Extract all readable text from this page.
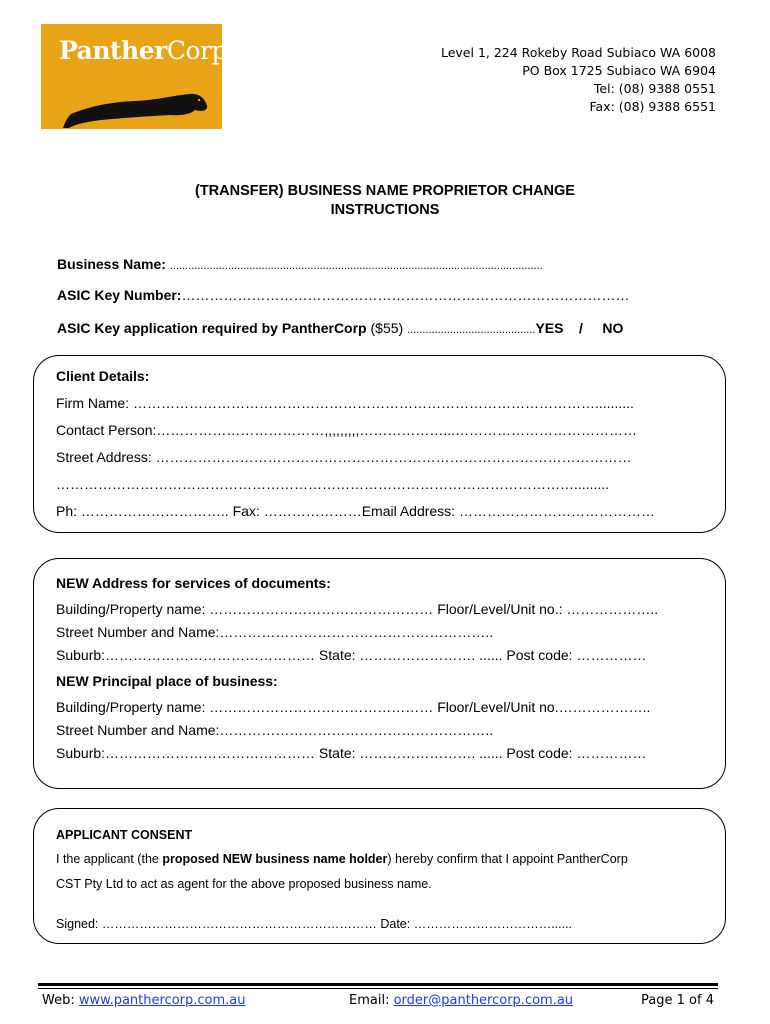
PantherCorp	Level 1, 224 Rokeby Road Subiaco WA 6008
PO Box 1725 Subiaco WA 6904
Tel: (08) 9388 0551
Fax: (08) 9388 6551
(TRANSFER) BUSINESS NAME PROPRIETOR CHANGE
INSTRUCTIONS
Business Name: ..........................................................................................................................
ASIC Key Number:……………………………………………………………………………………
ASIC Key application required by PantherCorp ($55) ..........................................YES    /     NO
Client Details:
Firm Name: ………………………………………………………………………………………..........
Contact Person:………………………………,,,,,,,,,………………...…………………………………
Street Address: …………………………………………………………………………………………
………………………………………………………………………………………………….........
Ph: ………………………….. Fax: …………………Email Address: ……………………………………
NEW Address for services of documents:
Building/Property name: ………………………………………… Floor/Level/Unit no.: ………………..
Street Number and Name:…………………………………………………..
Suburb:……………………………………… State: ……………………. ...... Post code: ……………
NEW Principal place of business:
Building/Property name: ………………………………………… Floor/Level/Unit no.………………..
Street Number and Name:…………………………………………………..
Suburb:……………………………………… State: ……………………. ...... Post code: ……………
APPLICANT CONSENT
I the applicant (the proposed NEW business name holder) hereby confirm that I appoint PantherCorp
CST Pty Ltd to act as agent for the above proposed business name.
Signed: ………………………………………………………… Date: ……………………………......
Web: www.panthercorp.com.au	Email: order@panthercorp.com.au	Page 1 of 4
